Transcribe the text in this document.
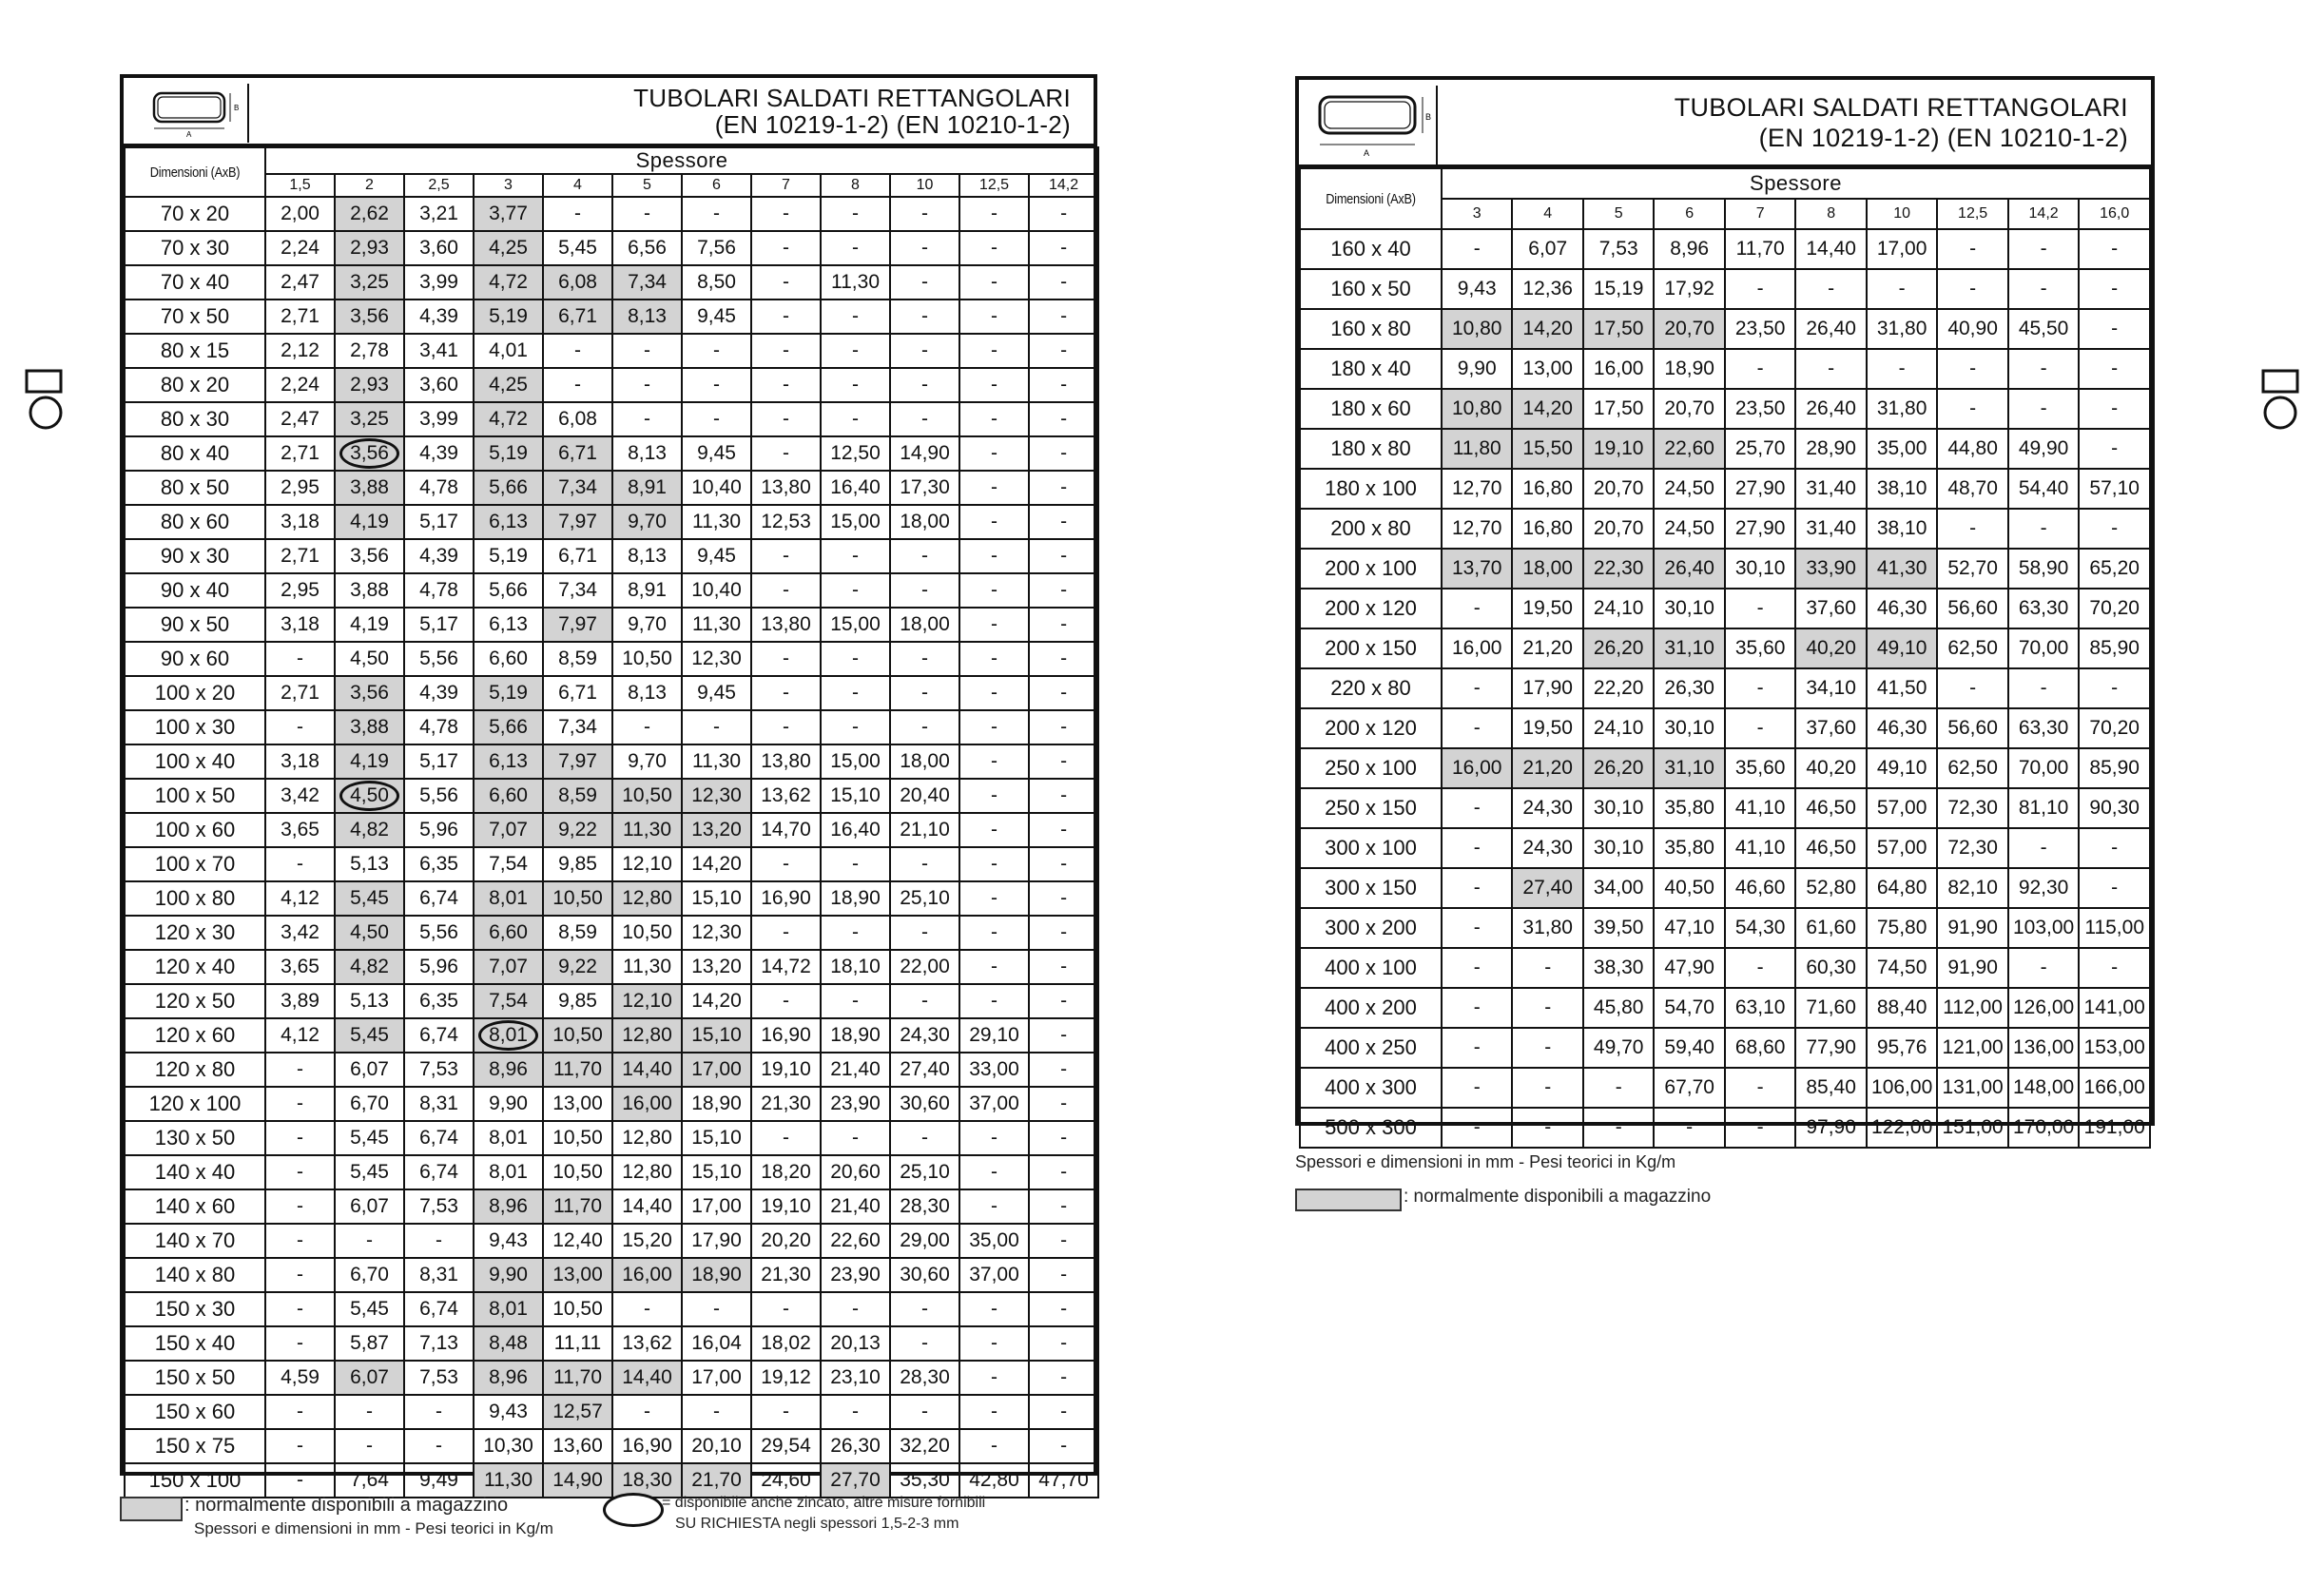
B
A
TUBOLARI SALDATI RETTANGOLARI
(EN 10219-1-2) (EN 10210-1-2)
Dimensioni (AxB)	Spessore											
	1,5	2	2,5	3	4	5	6	7	8	10	12,5	14,2
70 x 20	2,00	2,62	3,21	3,77	-	-	-	-	-	-	-	-
70 x 30	2,24	2,93	3,60	4,25	5,45	6,56	7,56	-	-	-	-	-
70 x 40	2,47	3,25	3,99	4,72	6,08	7,34	8,50	-	11,30	-	-	-
70 x 50	2,71	3,56	4,39	5,19	6,71	8,13	9,45	-	-	-	-	-
80 x 15	2,12	2,78	3,41	4,01	-	-	-	-	-	-	-	-
80 x 20	2,24	2,93	3,60	4,25	-	-	-	-	-	-	-	-
80 x 30	2,47	3,25	3,99	4,72	6,08	-	-	-	-	-	-	-
80 x 40	2,71	3,56	4,39	5,19	6,71	8,13	9,45	-	12,50	14,90	-	-
80 x 50	2,95	3,88	4,78	5,66	7,34	8,91	10,40	13,80	16,40	17,30	-	-
80 x 60	3,18	4,19	5,17	6,13	7,97	9,70	11,30	12,53	15,00	18,00	-	-
90 x 30	2,71	3,56	4,39	5,19	6,71	8,13	9,45	-	-	-	-	-
90 x 40	2,95	3,88	4,78	5,66	7,34	8,91	10,40	-	-	-	-	-
90 x 50	3,18	4,19	5,17	6,13	7,97	9,70	11,30	13,80	15,00	18,00	-	-
90 x 60	-	4,50	5,56	6,60	8,59	10,50	12,30	-	-	-	-	-
100 x 20	2,71	3,56	4,39	5,19	6,71	8,13	9,45	-	-	-	-	-
100 x 30	-	3,88	4,78	5,66	7,34	-	-	-	-	-	-	-
100 x 40	3,18	4,19	5,17	6,13	7,97	9,70	11,30	13,80	15,00	18,00	-	-
100 x 50	3,42	4,50	5,56	6,60	8,59	10,50	12,30	13,62	15,10	20,40	-	-
100 x 60	3,65	4,82	5,96	7,07	9,22	11,30	13,20	14,70	16,40	21,10	-	-
100 x 70	-	5,13	6,35	7,54	9,85	12,10	14,20	-	-	-	-	-
100 x 80	4,12	5,45	6,74	8,01	10,50	12,80	15,10	16,90	18,90	25,10	-	-
120 x 30	3,42	4,50	5,56	6,60	8,59	10,50	12,30	-	-	-	-	-
120 x 40	3,65	4,82	5,96	7,07	9,22	11,30	13,20	14,72	18,10	22,00	-	-
120 x 50	3,89	5,13	6,35	7,54	9,85	12,10	14,20	-	-	-	-	-
120 x 60	4,12	5,45	6,74	8,01	10,50	12,80	15,10	16,90	18,90	24,30	29,10	-
120 x 80	-	6,07	7,53	8,96	11,70	14,40	17,00	19,10	21,40	27,40	33,00	-
120 x 100	-	6,70	8,31	9,90	13,00	16,00	18,90	21,30	23,90	30,60	37,00	-
130 x 50	-	5,45	6,74	8,01	10,50	12,80	15,10	-	-	-	-	-
140 x 40	-	5,45	6,74	8,01	10,50	12,80	15,10	18,20	20,60	25,10	-	-
140 x 60	-	6,07	7,53	8,96	11,70	14,40	17,00	19,10	21,40	28,30	-	-
140 x 70	-	-	-	9,43	12,40	15,20	17,90	20,20	22,60	29,00	35,00	-
140 x 80	-	6,70	8,31	9,90	13,00	16,00	18,90	21,30	23,90	30,60	37,00	-
150 x 30	-	5,45	6,74	8,01	10,50	-	-	-	-	-	-	-
150 x 40	-	5,87	7,13	8,48	11,11	13,62	16,04	18,02	20,13	-	-	-
150 x 50	4,59	6,07	7,53	8,96	11,70	14,40	17,00	19,12	23,10	28,30	-	-
150 x 60	-	-	-	9,43	12,57	-	-	-	-	-	-	-
150 x 75	-	-	-	10,30	13,60	16,90	20,10	29,54	26,30	32,20	-	-
150 x 100	-	7,64	9,49	11,30	14,90	18,30	21,70	24,60	27,70	35,30	42,80	47,70
: normalmente disponibili a magazzino
Spessori e dimensioni in mm - Pesi teorici in Kg/m
= disponibile anche zincato, altre misure fornibili
SU RICHIESTA negli spessori 1,5-2-3 mm
B
A
TUBOLARI SALDATI RETTANGOLARI
(EN 10219-1-2) (EN 10210-1-2)
Dimensioni (AxB)	Spessore									
	3	4	5	6	7	8	10	12,5	14,2	16,0
160 x 40	-	6,07	7,53	8,96	11,70	14,40	17,00	-	-	-
160 x 50	9,43	12,36	15,19	17,92	-	-	-	-	-	-
160 x 80	10,80	14,20	17,50	20,70	23,50	26,40	31,80	40,90	45,50	-
180 x 40	9,90	13,00	16,00	18,90	-	-	-	-	-	-
180 x 60	10,80	14,20	17,50	20,70	23,50	26,40	31,80	-	-	-
180 x 80	11,80	15,50	19,10	22,60	25,70	28,90	35,00	44,80	49,90	-
180 x 100	12,70	16,80	20,70	24,50	27,90	31,40	38,10	48,70	54,40	57,10
200 x 80	12,70	16,80	20,70	24,50	27,90	31,40	38,10	-	-	-
200 x 100	13,70	18,00	22,30	26,40	30,10	33,90	41,30	52,70	58,90	65,20
200 x 120	-	19,50	24,10	30,10	-	37,60	46,30	56,60	63,30	70,20
200 x 150	16,00	21,20	26,20	31,10	35,60	40,20	49,10	62,50	70,00	85,90
220 x 80	-	17,90	22,20	26,30	-	34,10	41,50	-	-	-
200 x 120	-	19,50	24,10	30,10	-	37,60	46,30	56,60	63,30	70,20
250 x 100	16,00	21,20	26,20	31,10	35,60	40,20	49,10	62,50	70,00	85,90
250 x 150	-	24,30	30,10	35,80	41,10	46,50	57,00	72,30	81,10	90,30
300 x 100	-	24,30	30,10	35,80	41,10	46,50	57,00	72,30	-	-
300 x 150	-	27,40	34,00	40,50	46,60	52,80	64,80	82,10	92,30	-
300 x 200	-	31,80	39,50	47,10	54,30	61,60	75,80	91,90	103,00	115,00
400 x 100	-	-	38,30	47,90	-	60,30	74,50	91,90	-	-
400 x 200	-	-	45,80	54,70	63,10	71,60	88,40	112,00	126,00	141,00
400 x 250	-	-	49,70	59,40	68,60	77,90	95,76	121,00	136,00	153,00
400 x 300	-	-	-	67,70	-	85,40	106,00	131,00	148,00	166,00
500 x 300	-	-	-	-	-	97,90	122,00	151,00	170,00	191,00
Spessori e dimensioni in mm - Pesi teorici in Kg/m
: normalmente disponibili a magazzino
